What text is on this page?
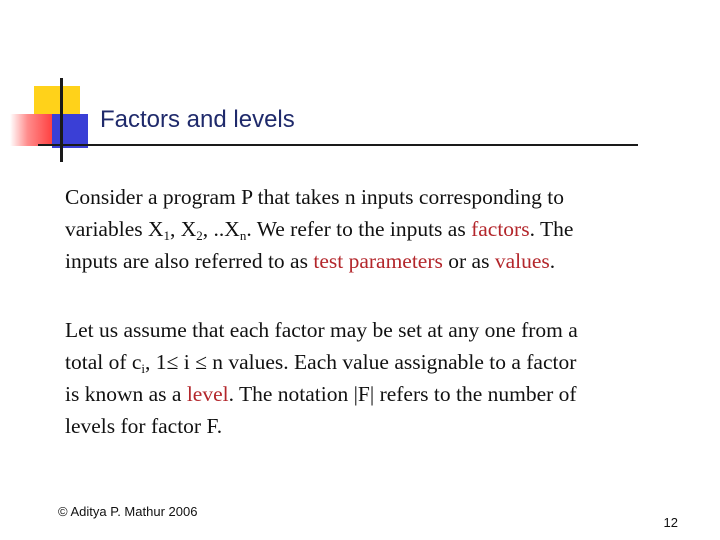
Factors and levels
Consider a program P that takes n inputs corresponding to
variables $X_1$, $X_2$, $..X_n$. We refer to the inputs as factors. The
inputs are also referred to as test parameters or as values.
Let us assume that each factor may be set at any one from a
total of $c_i$, 1≤ i ≤ n values. Each value assignable to a factor
is known as a level. The notation |F| refers to the number of
levels for factor F.
© Aditya P. Mathur 2006
12
